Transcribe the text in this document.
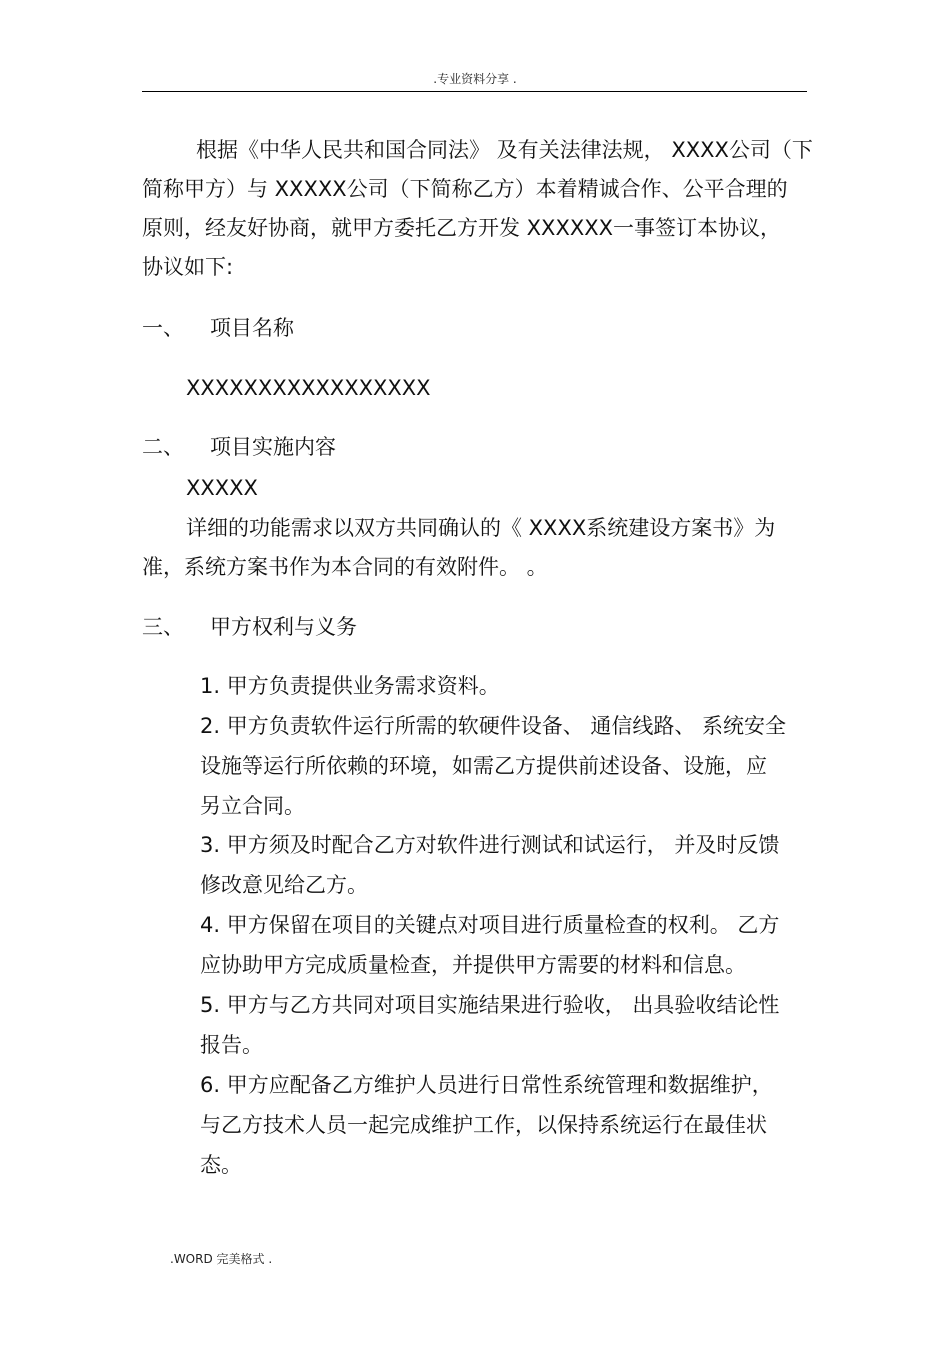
.专业资料分享 .
根据《中华人民共和国合同法》 及有关法律法规， XXXX公司（下
简称甲方）与 XXXXX公司（下简称乙方）本着精诚合作、公平合理的
原则，经友好协商，就甲方委托乙方开发 XXXXXX一事签订本协议，
协议如下:
一、 项目名称
XXXXXXXXXXXXXXXXX
二、 项目实施内容
XXXXX
详细的功能需求以双方共同确认的《 XXXX系统建设方案书》为
准，系统方案书作为本合同的有效附件。 。
三、 甲方权利与义务
1. 甲方负责提供业务需求资料。
2. 甲方负责软件运行所需的软硬件设备、 通信线路、 系统安全
设施等运行所依赖的环境，如需乙方提供前述设备、设施，应
另立合同。
3. 甲方须及时配合乙方对软件进行测试和试运行， 并及时反馈
修改意见给乙方。
4. 甲方保留在项目的关键点对项目进行质量检查的权利。 乙方
应协助甲方完成质量检查，并提供甲方需要的材料和信息。
5. 甲方与乙方共同对项目实施结果进行验收， 出具验收结论性
报告。
6. 甲方应配备乙方维护人员进行日常性系统管理和数据维护，
与乙方技术人员一起完成维护工作，以保持系统运行在最佳状
态。
.WORD 完美格式 .
